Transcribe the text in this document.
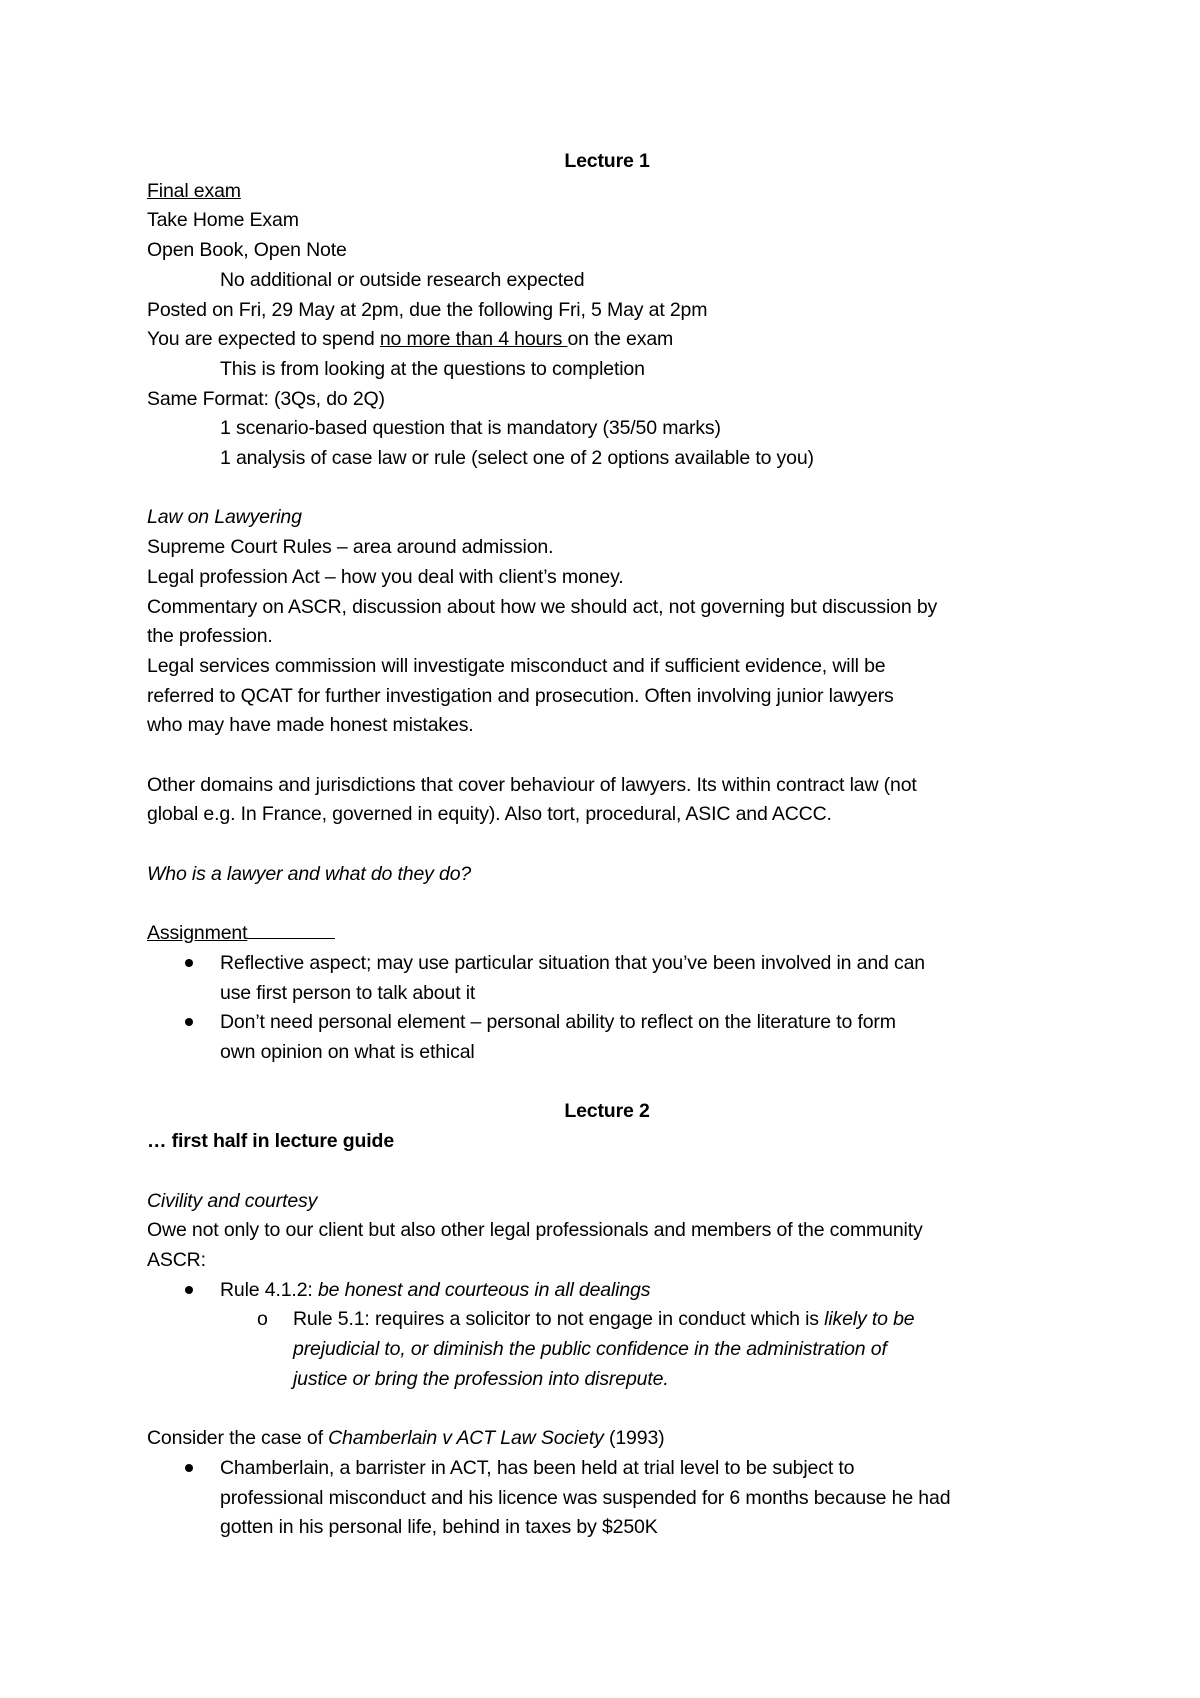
Lecture 1
Final exam
Take Home Exam
Open Book, Open Note
No additional or outside research expected
Posted on Fri, 29 May at 2pm, due the following Fri, 5 May at 2pm
You are expected to spend no more than 4 hours on the exam
This is from looking at the questions to completion
Same Format: (3Qs, do 2Q)
1 scenario-based question that is mandatory (35/50 marks)
1 analysis of case law or rule (select one of 2 options available to you)
Law on Lawyering
Supreme Court Rules – area around admission.
Legal profession Act – how you deal with client’s money.
Commentary on ASCR, discussion about how we should act, not governing but discussion by
the profession.
Legal services commission will investigate misconduct and if sufficient evidence, will be
referred to QCAT for further investigation and prosecution. Often involving junior lawyers
who may have made honest mistakes.
Other domains and jurisdictions that cover behaviour of lawyers. Its within contract law (not
global e.g. In France, governed in equity). Also tort, procedural, ASIC and ACCC.
Who is a lawyer and what do they do?
Assignment
Reflective aspect; may use particular situation that you’ve been involved in and can
use first person to talk about it
Don’t need personal element – personal ability to reflect on the literature to form
own opinion on what is ethical
Lecture 2
… first half in lecture guide
Civility and courtesy
Owe not only to our client but also other legal professionals and members of the community
ASCR:
Rule 4.1.2: be honest and courteous in all dealings
o Rule 5.1: requires a solicitor to not engage in conduct which is likely to be
prejudicial to, or diminish the public confidence in the administration of
justice or bring the profession into disrepute.
Consider the case of Chamberlain v ACT Law Society (1993)
Chamberlain, a barrister in ACT, has been held at trial level to be subject to
professional misconduct and his licence was suspended for 6 months because he had
gotten in his personal life, behind in taxes by $250K
